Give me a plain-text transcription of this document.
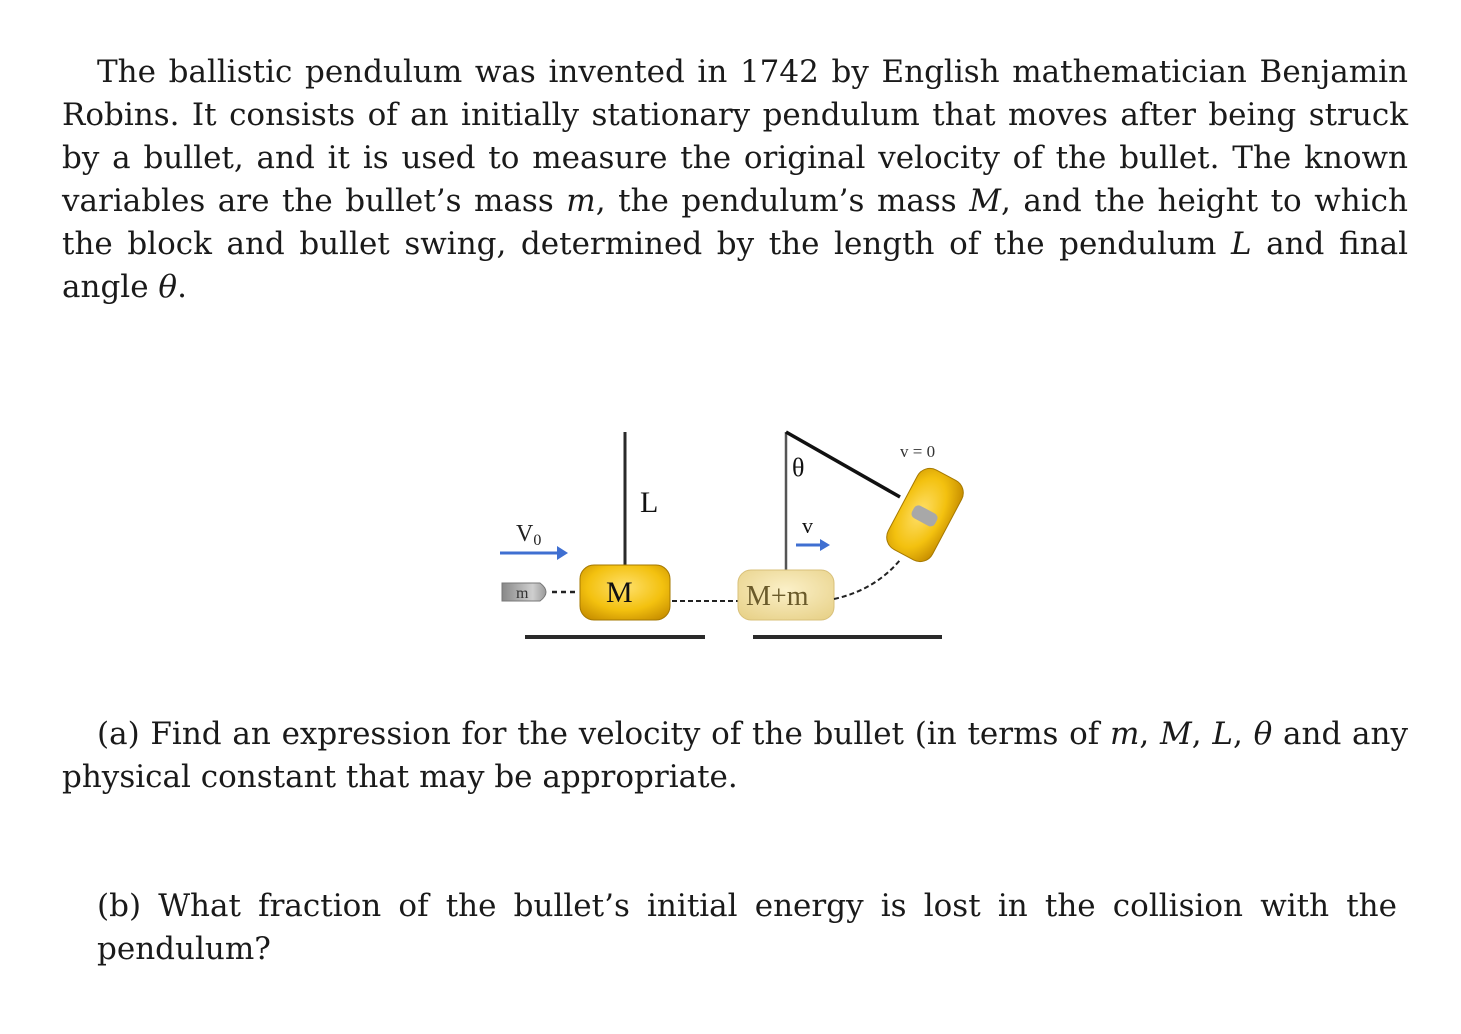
The ballistic pendulum was invented in 1742 by English mathematician Benjamin Robins. It consists of an initially stationary pendulum that moves after being struck by a bullet, and it is used to measure the original velocity of the bullet. The known variables are the bullet’s mass m, the pendulum’s mass M, and the height to which the block and bullet swing, determined by the length of the pendulum L and final angle θ.

V0
m	M
L
θ
v
M+m
v = 0

(a) Find an expression for the velocity of the bullet (in terms of m, M, L, θ and any physical constant that may be appropriate.

(b) What fraction of the bullet’s initial energy is lost in the collision with the pendulum?
